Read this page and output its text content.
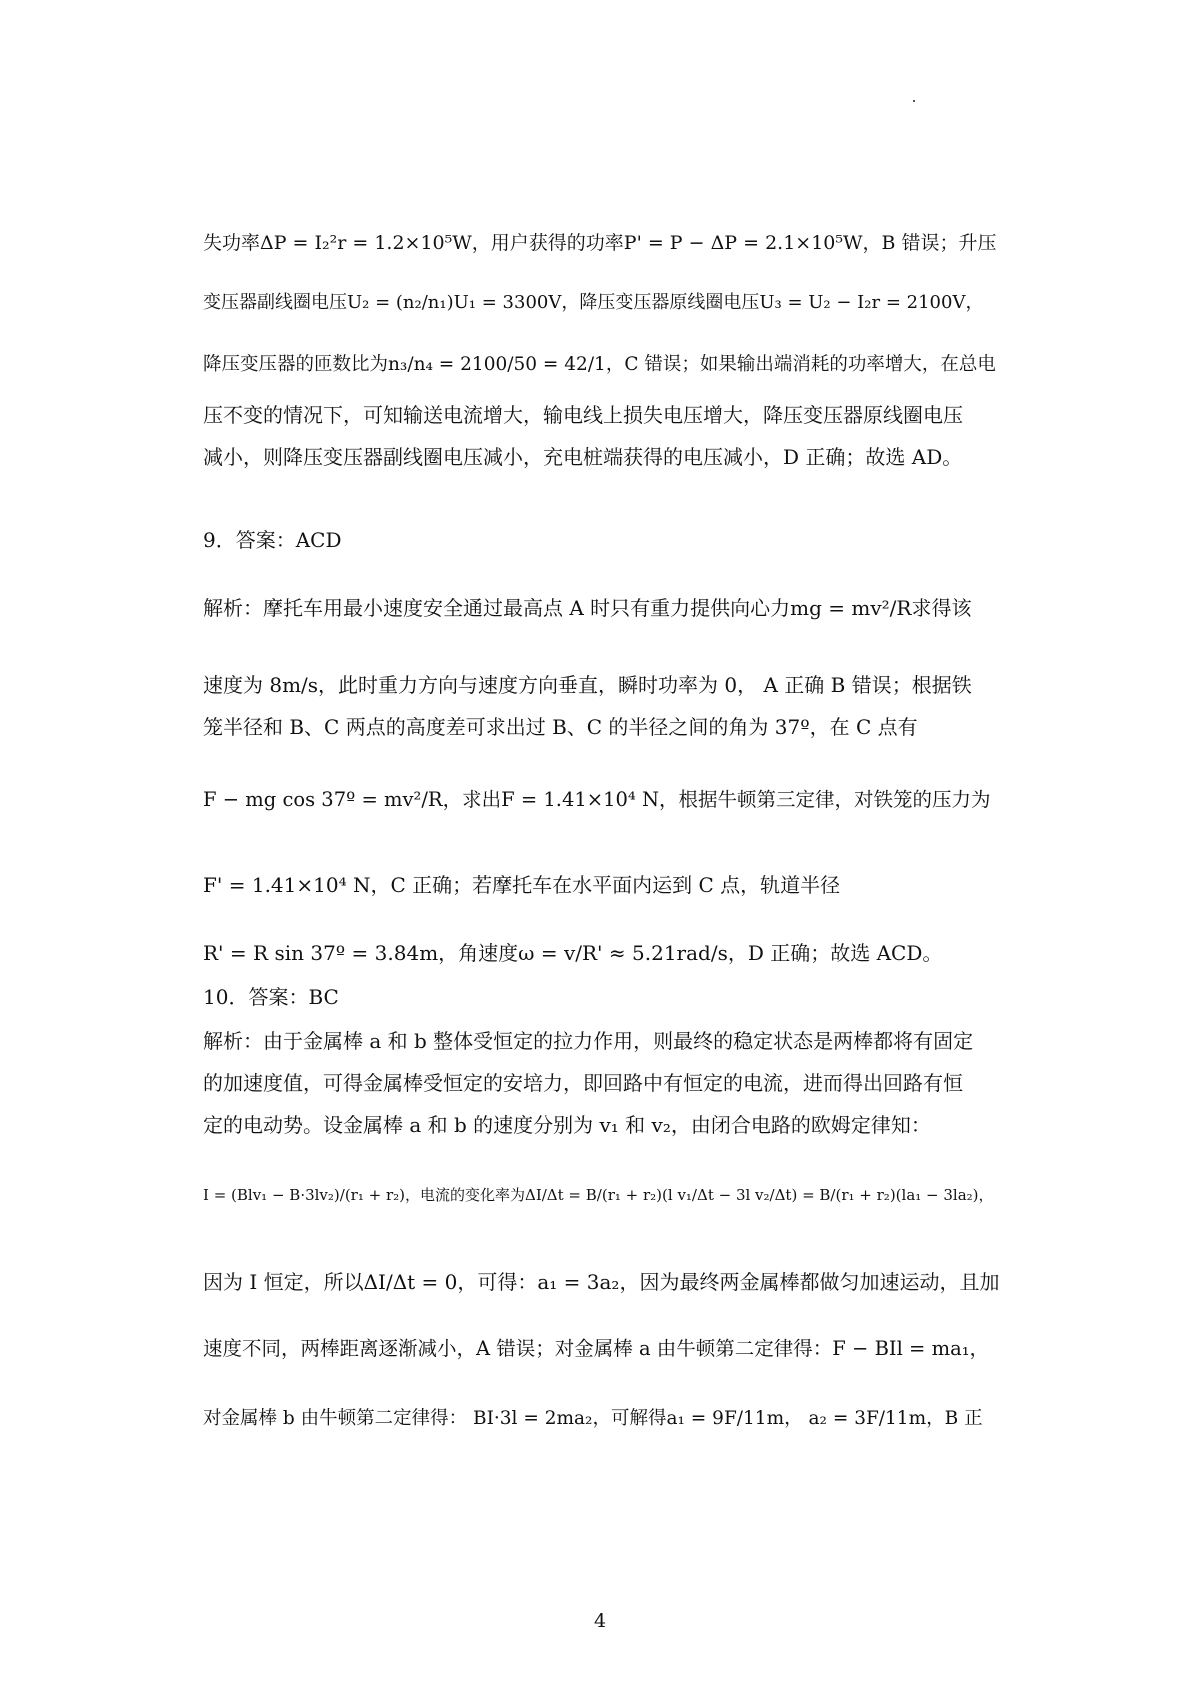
失功率ΔP = I₂²r = 1.2×10⁵W，用户获得的功率P' = P − ΔP = 2.1×10⁵W，B 错误；升压
变压器副线圈电压U₂ = (n₂/n₁)U₁ = 3300V，降压变压器原线圈电压U₃ = U₂ − I₂r = 2100V，
降压变压器的匝数比为n₃/n₄ = 2100/50 = 42/1，C 错误；如果输出端消耗的功率增大，在总电
压不变的情况下，可知输送电流增大，输电线上损失电压增大，降压变压器原线圈电压
减小，则降压变压器副线圈电压减小，充电桩端获得的电压减小，D 正确；故选 AD。
9．答案：ACD
解析：摩托车用最小速度安全通过最高点 A 时只有重力提供向心力mg = mv²/R求得该
速度为 8m/s，此时重力方向与速度方向垂直，瞬时功率为 0， A 正确 B 错误；根据铁
笼半径和 B、C 两点的高度差可求出过 B、C 的半径之间的角为 37º，在 C 点有
F − mg cos 37º = mv²/R，求出F = 1.41×10⁴ N，根据牛顿第三定律，对铁笼的压力为
F' = 1.41×10⁴ N，C 正确；若摩托车在水平面内运到 C 点，轨道半径
R' = R sin 37º = 3.84m，角速度ω = v/R' ≈ 5.21rad/s，D 正确；故选 ACD。
10．答案：BC
解析：由于金属棒 a 和 b 整体受恒定的拉力作用，则最终的稳定状态是两棒都将有固定
的加速度值，可得金属棒受恒定的安培力，即回路中有恒定的电流，进而得出回路有恒
定的电动势。设金属棒 a 和 b 的速度分别为 v₁ 和 v₂，由闭合电路的欧姆定律知：
I = (Blv₁ − B·3lv₂)/(r₁ + r₂)，电流的变化率为ΔI/Δt = B/(r₁ + r₂)(l v₁/Δt − 3l v₂/Δt) = B/(r₁ + r₂)(la₁ − 3la₂)，
因为 I 恒定，所以ΔI/Δt = 0，可得：a₁ = 3a₂，因为最终两金属棒都做匀加速运动，且加
速度不同，两棒距离逐渐减小，A 错误；对金属棒 a 由牛顿第二定律得：F − BIl = ma₁，
对金属棒 b 由牛顿第二定律得： BI·3l = 2ma₂，可解得a₁ = 9F/11m， a₂ = 3F/11m，B 正
4
